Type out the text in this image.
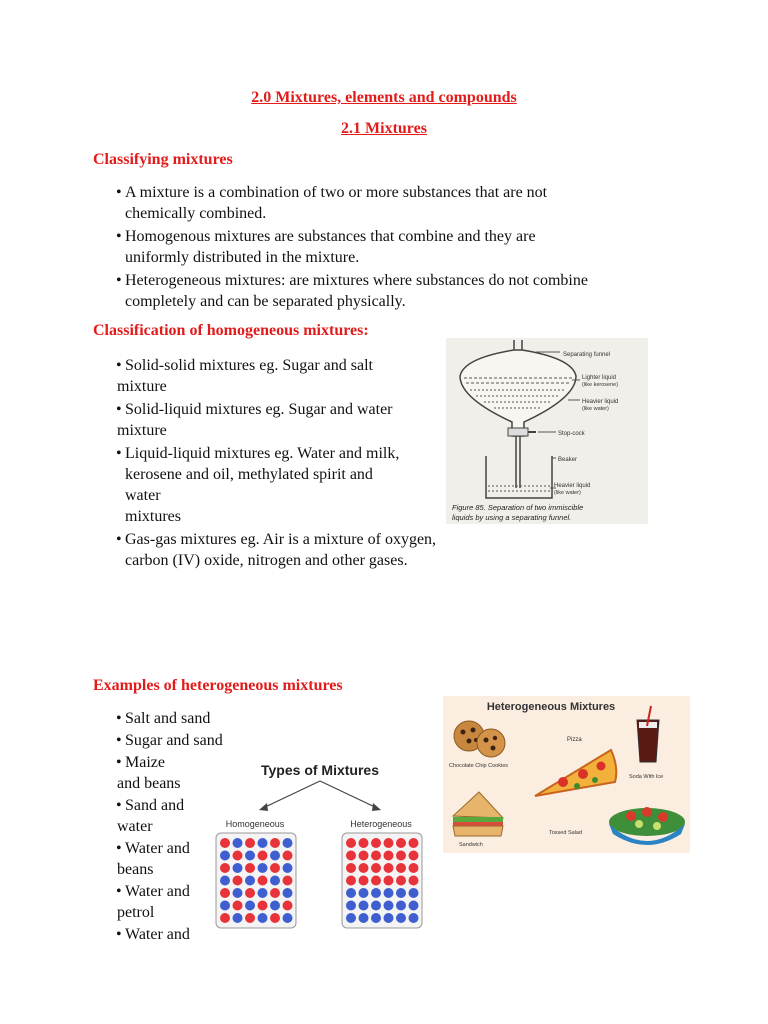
2.0 Mixtures, elements and compounds
2.1 Mixtures
Classifying mixtures
• A mixture is a combination of two or more substances that are not
chemically combined.
• Homogenous mixtures are substances that combine and they are
uniformly distributed in the mixture.
• Heterogeneous mixtures: are mixtures where substances do not combine
completely and can be separated physically.
Classification of homogeneous mixtures:
• Solid-solid mixtures eg. Sugar and salt
mixture
• Solid-liquid mixtures eg. Sugar and water
mixture
• Liquid-liquid mixtures eg. Water and milk,
kerosene and oil, methylated spirit and
water
mixtures
• Gas-gas mixtures eg. Air is a mixture of oxygen,
carbon (IV) oxide, nitrogen and other gases.
Separating funnel
Lighter liquid
(like kerosene)
Heavier liquid
(like water)
Stop-cock
Beaker
Heavier liquid
(like water)
Figure 85. Separation of two immiscible
liquids by using a separating funnel.
Examples of heterogeneous mixtures
• Salt and sand
• Sugar and sand
• Maize
and beans
• Sand and
water
• Water and
beans
• Water and
petrol
• Water and
Types of Mixtures
Homogeneous	Heterogeneous
Heterogeneous Mixtures
Chocolate Chip Cookies
Pizza
Soda With Ice
Sandwich
Tossed Salad
